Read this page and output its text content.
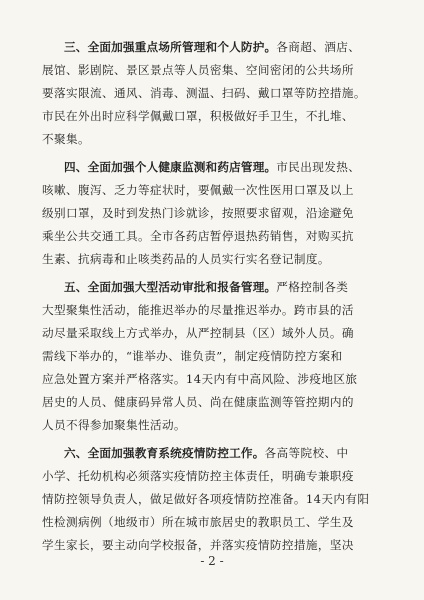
三、全面加强重点场所管理和个人防护。各商超、酒店、
展馆、影剧院、景区景点等人员密集、空间密闭的公共场所
要落实限流、通风、消毒、测温、扫码、戴口罩等防控措施。
市民在外出时应科学佩戴口罩，积极做好手卫生，不扎堆、
不聚集。
四、全面加强个人健康监测和药店管理。市民出现发热、
咳嗽、腹泻、乏力等症状时，要佩戴一次性医用口罩及以上
级别口罩，及时到发热门诊就诊，按照要求留观，沿途避免
乘坐公共交通工具。全市各药店暂停退热药销售，对购买抗
生素、抗病毒和止咳类药品的人员实行实名登记制度。
五、全面加强大型活动审批和报备管理。严格控制各类
大型聚集性活动，能推迟举办的尽量推迟举办。跨市县的活
动尽量采取线上方式举办，从严控制县（区）域外人员。确
需线下举办的，“谁举办、谁负责”，制定疫情防控方案和
应急处置方案并严格落实。14天内有中高风险、涉疫地区旅
居史的人员、健康码异常人员、尚在健康监测等管控期内的
人员不得参加聚集性活动。
六、全面加强教育系统疫情防控工作。各高等院校、中
小学、托幼机构必须落实疫情防控主体责任，明确专兼职疫
情防控领导负责人，做足做好各项疫情防控准备。14天内有阳
性检测病例（地级市）所在城市旅居史的教职员工、学生及
学生家长，要主动向学校报备，并落实疫情防控措施，坚决
- 2 -
